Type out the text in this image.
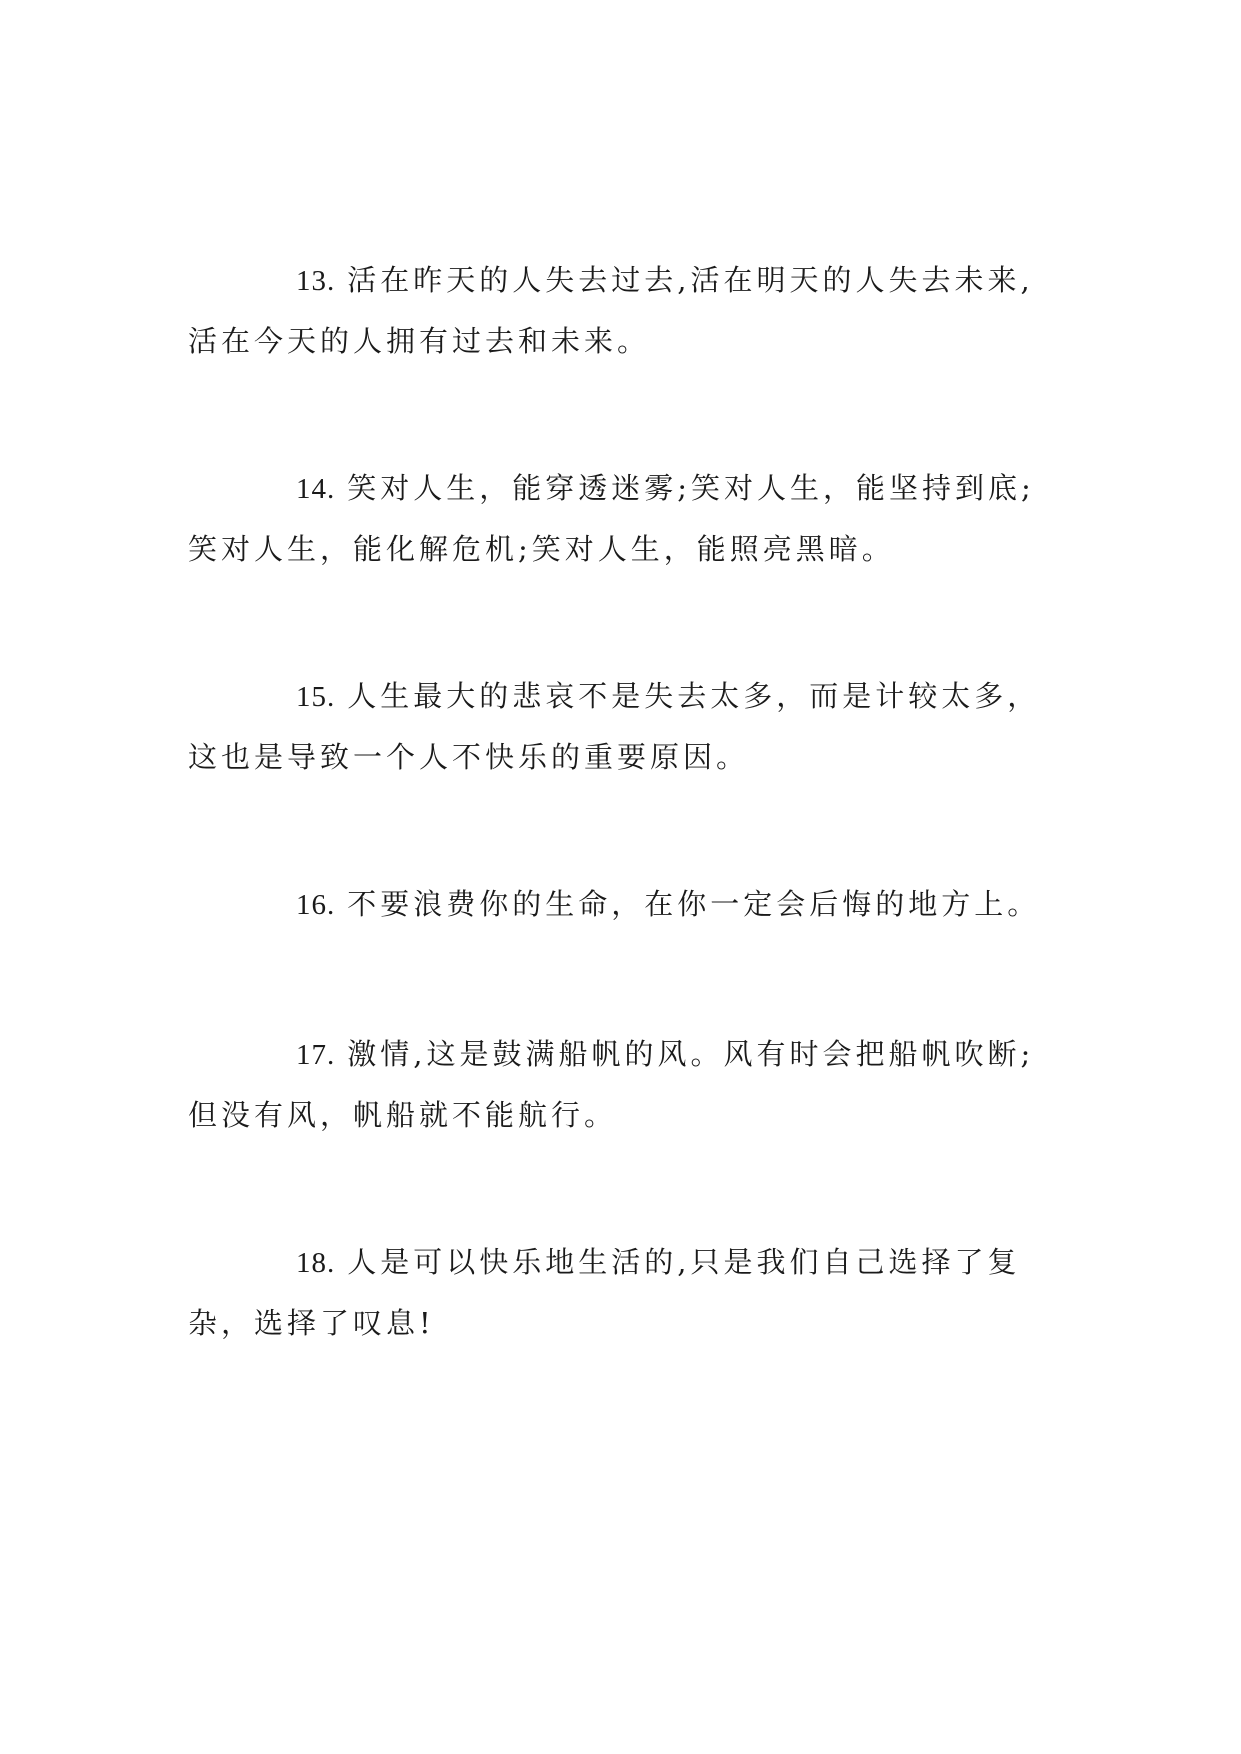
13. 活在昨天的人失去过去,活在明天的人失去未来,
活在今天的人拥有过去和未来。

14. 笑对人生，能穿透迷雾;笑对人生，能坚持到底;
笑对人生，能化解危机;笑对人生，能照亮黑暗。

15. 人生最大的悲哀不是失去太多，而是计较太多，
这也是导致一个人不快乐的重要原因。

16. 不要浪费你的生命，在你一定会后悔的地方上。

17. 激情,这是鼓满船帆的风。风有时会把船帆吹断;
但没有风，帆船就不能航行。

18. 人是可以快乐地生活的,只是我们自己选择了复
杂，选择了叹息!
